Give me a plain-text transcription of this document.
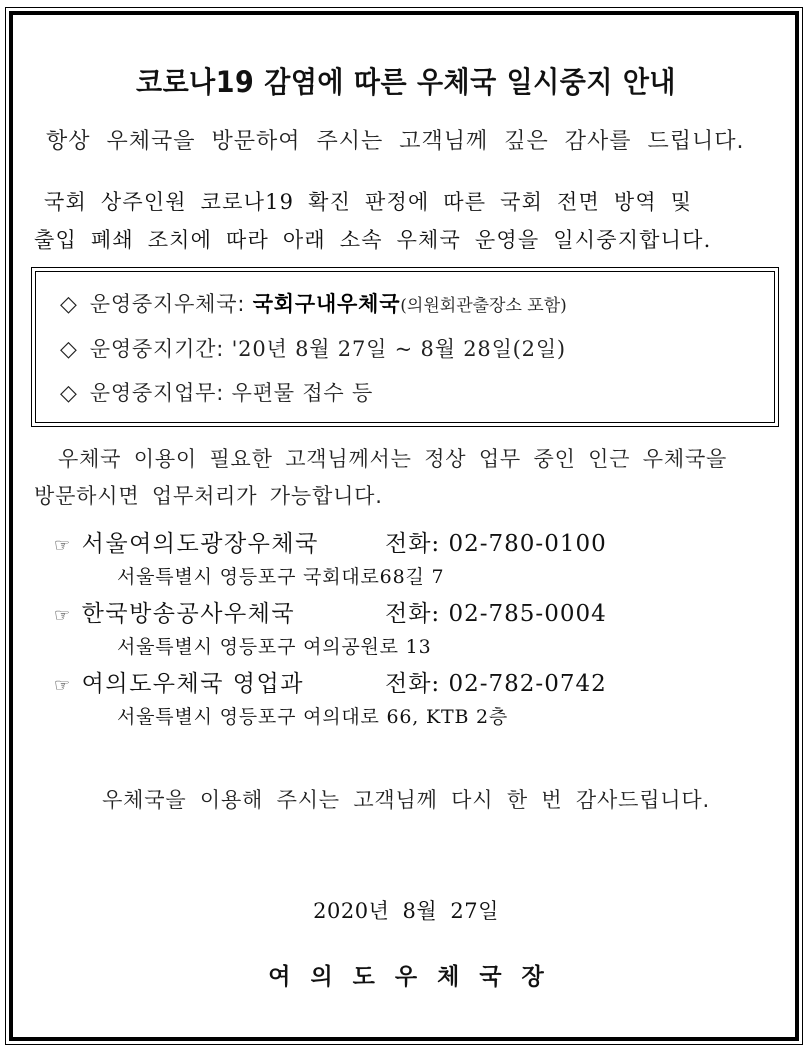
코로나19 감염에 따른 우체국 일시중지 안내
항상 우체국을 방문하여 주시는 고객님께 깊은 감사를 드립니다.
국회 상주인원 코로나19 확진 판정에 따른 국회 전면 방역 및
출입 폐쇄 조치에 따라 아래 소속 우체국 운영을 일시중지합니다.
◇ 운영중지우체국: 국회구내우체국(의원회관출장소 포함)
◇ 운영중지기간: '20년 8월 27일 ~ 8월 28일(2일)
◇ 운영중지업무: 우편물 접수 등
우체국 이용이 필요한 고객님께서는 정상 업무 중인 인근 우체국을
방문하시면 업무처리가 가능합니다.
☞ 서울여의도광장우체국	전화: 02-780-0100
서울특별시 영등포구 국회대로68길 7
☞ 한국방송공사우체국	전화: 02-785-0004
서울특별시 영등포구 여의공원로 13
☞ 여의도우체국 영업과	전화: 02-782-0742
서울특별시 영등포구 여의대로 66, KTB 2층
우체국을 이용해 주시는 고객님께 다시 한 번 감사드립니다.
2020년 8월 27일
여의도우체국장
